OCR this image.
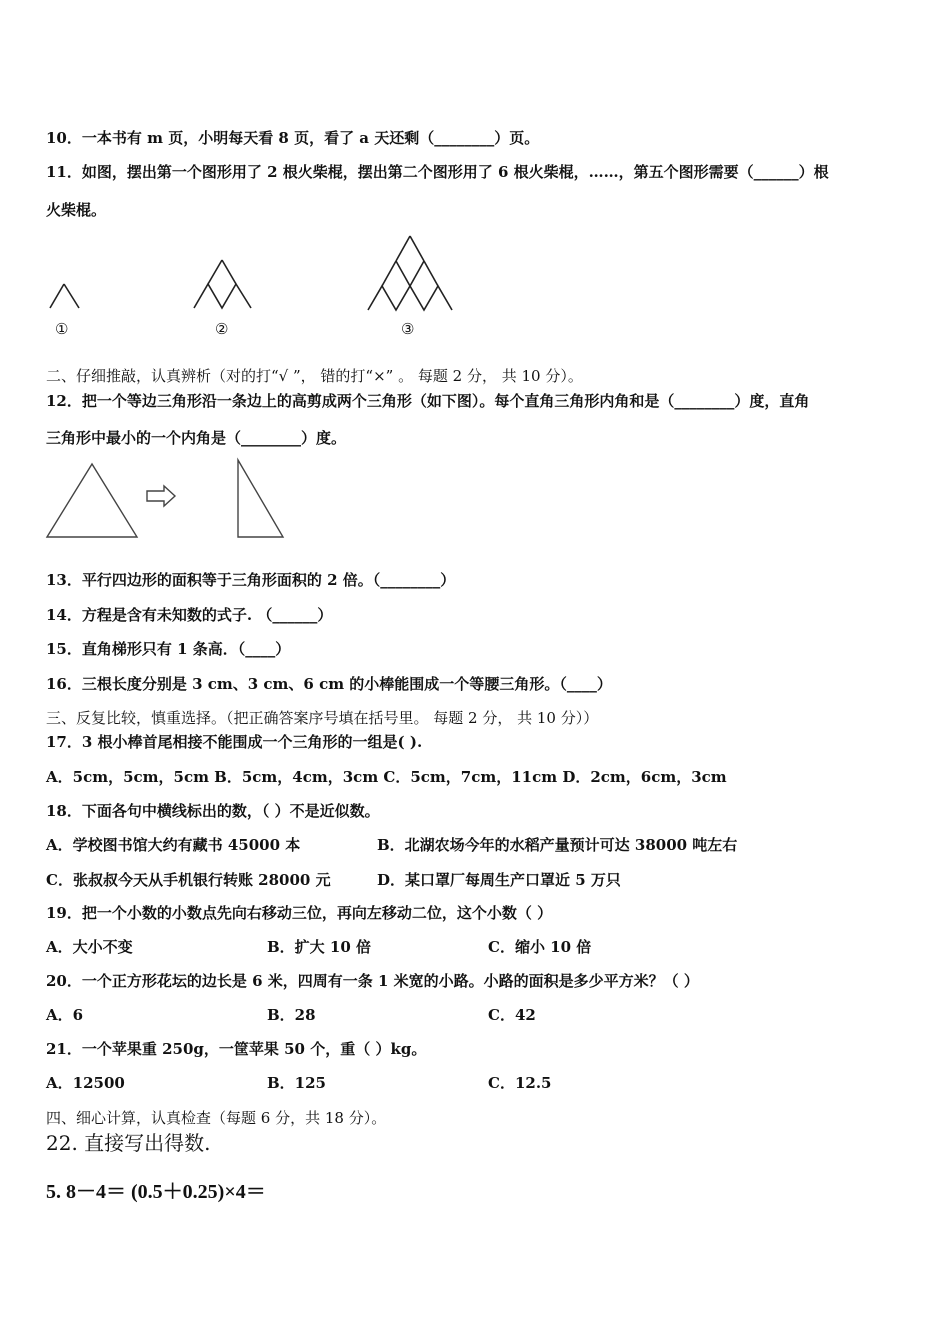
10．一本书有 m 页，小明每天看 8 页，看了 a 天还剩（________）页。
11．如图，摆出第一个图形用了 2 根火柴棍，摆出第二个图形用了 6 根火柴棍，……，第五个图形需要（______）根
火柴棍。
①	②	③
二、仔细推敲，认真辨析（对的打“√ ”， 错的打“×” 。 每题 2 分， 共 10 分）。
12．把一个等边三角形沿一条边上的高剪成两个三角形（如下图）。每个直角三角形内角和是（________）度，直角
三角形中最小的一个内角是（________）度。
13．平行四边形的面积等于三角形面积的 2 倍。（________）
14．方程是含有未知数的式子. （______）
15．直角梯形只有 1 条高．（____）
16．三根长度分别是 3 cm、3 cm、6 cm 的小棒能围成一个等腰三角形。（____）
三、反复比较，慎重选择。（把正确答案序号填在括号里。 每题 2 分， 共 10 分））
17．3 根小棒首尾相接不能围成一个三角形的一组是( ).
A．5cm，5cm，5cm B．5cm，4cm，3cm C．5cm，7cm，11cm D．2cm，6cm，3cm
18．下面各句中横线标出的数，（ ）不是近似数。
A．学校图书馆大约有藏书 45000 本	B．北湖农场今年的水稻产量预计可达 38000 吨左右
C．张叔叔今天从手机银行转账 28000 元	D．某口罩厂每周生产口罩近 5 万只
19．把一个小数的小数点先向右移动三位，再向左移动二位，这个小数（ ）
A．大小不变	B．扩大 10 倍	C．缩小 10 倍
20．一个正方形花坛的边长是 6 米，四周有一条 1 米宽的小路。小路的面积是多少平方米？（ ）
A．6	B．28	C．42
21．一个苹果重 250g，一筐苹果 50 个，重（ ）kg。
A．12500	B．125	C．12.5
四、细心计算，认真检查（每题 6 分，共 18 分）。
22. 直接写出得数.
5. 8－4＝ (0.5＋0.25)×4＝
